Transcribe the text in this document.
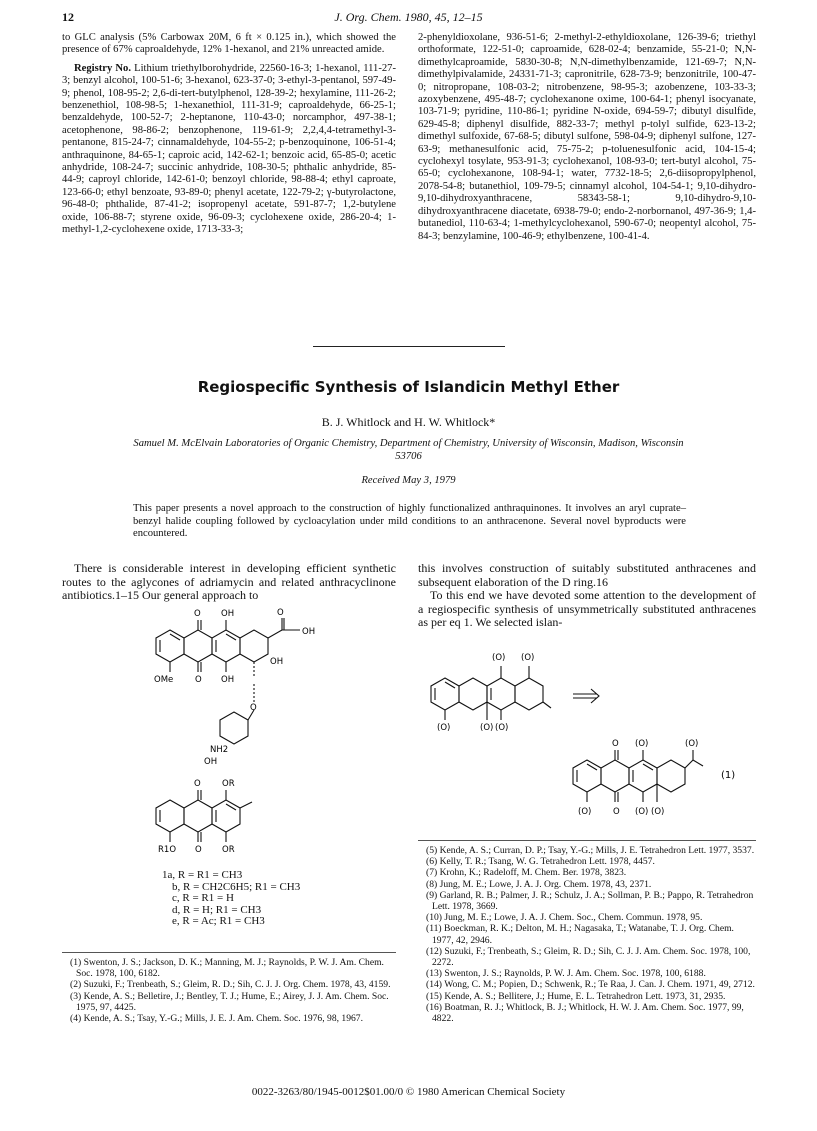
J. Org. Chem. 1980, 45, 12–15
12

to GLC analysis (5% Carbowax 20M, 6 ft × 0.125 in.), which showed the presence of 67% caproaldehyde, 12% 1-hexanol, and 21% unreacted amide.

Registry No. Lithium triethylborohydride, 22560-16-3; 1-hexanol, 111-27-3; benzyl alcohol, 100-51-6; 3-hexanol, 623-37-0; 3-ethyl-3-pentanol, 597-49-9; phenol, 108-95-2; 2,6-di-tert-butylphenol, 128-39-2; hexylamine, 111-26-2; benzenethiol, 108-98-5; 1-hexanethiol, 111-31-9; caproaldehyde, 66-25-1; benzaldehyde, 100-52-7; 2-heptanone, 110-43-0; norcamphor, 497-38-1; acetophenone, 98-86-2; benzophenone, 119-61-9; 2,2,4,4-tetramethyl-3-pentanone, 815-24-7; cinnamaldehyde, 104-55-2; p-benzoquinone, 106-51-4; anthraquinone, 84-65-1; caproic acid, 142-62-1; benzoic acid, 65-85-0; acetic anhydride, 108-24-7; succinic anhydride, 108-30-5; phthalic anhydride, 85-44-9; caproyl chloride, 142-61-0; benzoyl chloride, 98-88-4; ethyl caproate, 123-66-0; ethyl benzoate, 93-89-0; phenyl acetate, 122-79-2; γ-butyrolactone, 96-48-0; phthalide, 87-41-2; isopropenyl acetate, 591-87-7; 1,2-butylene oxide, 106-88-7; styrene oxide, 96-09-3; cyclohexene oxide, 286-20-4; 1-methyl-1,2-cyclohexene oxide, 1713-33-3;

2-phenyldioxolane, 936-51-6; 2-methyl-2-ethyldioxolane, 126-39-6; triethyl orthoformate, 122-51-0; caproamide, 628-02-4; benzamide, 55-21-0; N,N-dimethylcaproamide, 5830-30-8; N,N-dimethylbenzamide, 121-69-7; N,N-dimethylpivalamide, 24331-71-3; capronitrile, 628-73-9; benzonitrile, 100-47-0; nitropropane, 108-03-2; nitrobenzene, 98-95-3; azobenzene, 103-33-3; azoxybenzene, 495-48-7; cyclohexanone oxime, 100-64-1; phenyl isocyanate, 103-71-9; pyridine, 110-86-1; pyridine N-oxide, 694-59-7; dibutyl disulfide, 629-45-8; diphenyl disulfide, 882-33-7; methyl p-tolyl sulfide, 623-13-2; dimethyl sulfoxide, 67-68-5; dibutyl sulfone, 598-04-9; diphenyl sulfone, 127-63-9; methanesulfonic acid, 75-75-2; p-toluenesulfonic acid, 104-15-4; cyclohexyl tosylate, 953-91-3; cyclohexanol, 108-93-0; tert-butyl alcohol, 75-65-0; cyclohexanone, 108-94-1; water, 7732-18-5; 2,6-diisopropylphenol, 2078-54-8; butanethiol, 109-79-5; cinnamyl alcohol, 104-54-1; 9,10-dihydro-9,10-dihydroxyanthracene, 58343-58-1; 9,10-dihydro-9,10-dihydroxyanthracene diacetate, 6938-79-0; endo-2-norbornanol, 497-36-9; 1,4-butanediol, 110-63-4; 1-methylcyclohexanol, 590-67-0; neopentyl alcohol, 75-84-3; benzylamine, 100-46-9; ethylbenzene, 100-41-4.

Regiospecific Synthesis of Islandicin Methyl Ether
B. J. Whitlock and H. W. Whitlock*
Samuel M. McElvain Laboratories of Organic Chemistry, Department of Chemistry, University of Wisconsin, Madison, Wisconsin 53706
Received May 3, 1979
This paper presents a novel approach to the construction of highly functionalized anthraquinones. It involves an aryl cuprate–benzyl halide coupling followed by cycloacylation under mild conditions to an anthracenone. Several novel byproducts were encountered.

There is considerable interest in developing efficient synthetic routes to the aglycones of adriamycin and related anthracyclinone antibiotics.1–15 Our general approach to

this involves construction of suitably substituted anthracenes and subsequent elaboration of the D ring.16

To this end we have devoted some attention to the development of a regiospecific synthesis of unsymmetrically substituted anthracenes as per eq 1. We selected islan-

O OH	O
OH
OH
OMe	O OH
O
NH2
OH
O	OR
R1O O OR
1a, R = R1 = CH3
b, R = CH2C6H5; R1 = CH3
c, R = R1 = H
d, R = H; R1 = CH3
e, R = Ac; R1 = CH3
(O) (O)
(O)	(O) (O)
O (O)	(O)
(O)	O (O) (O)
(1)

(1) Swenton, J. S.; Jackson, D. K.; Manning, M. J.; Raynolds, P. W. J. Am. Chem. Soc. 1978, 100, 6182.

(2) Suzuki, F.; Trenbeath, S.; Gleim, R. D.; Sih, C. J. J. Org. Chem. 1978, 43, 4159.

(3) Kende, A. S.; Belletire, J.; Bentley, T. J.; Hume, E.; Airey, J. J. Am. Chem. Soc. 1975, 97, 4425.

(4) Kende, A. S.; Tsay, Y.-G.; Mills, J. E. J. Am. Chem. Soc. 1976, 98, 1967.

(5) Kende, A. S.; Curran, D. P.; Tsay, Y.-G.; Mills, J. E. Tetrahedron Lett. 1977, 3537.

(6) Kelly, T. R.; Tsang, W. G. Tetrahedron Lett. 1978, 4457.

(7) Krohn, K.; Radeloff, M. Chem. Ber. 1978, 3823.

(8) Jung, M. E.; Lowe, J. A. J. Org. Chem. 1978, 43, 2371.

(9) Garland, R. B.; Palmer, J. R.; Schulz, J. A.; Sollman, P. B.; Pappo, R. Tetrahedron Lett. 1978, 3669.

(10) Jung, M. E.; Lowe, J. A. J. Chem. Soc., Chem. Commun. 1978, 95.

(11) Boeckman, R. K.; Delton, M. H.; Nagasaka, T.; Watanabe, T. J. Org. Chem. 1977, 42, 2946.

(12) Suzuki, F.; Trenbeath, S.; Gleim, R. D.; Sih, C. J. J. Am. Chem. Soc. 1978, 100, 2272.

(13) Swenton, J. S.; Raynolds, P. W. J. Am. Chem. Soc. 1978, 100, 6188.

(14) Wong, C. M.; Popien, D.; Schwenk, R.; Te Raa, J. Can. J. Chem. 1971, 49, 2712.

(15) Kende, A. S.; Bellitere, J.; Hume, E. L. Tetrahedron Lett. 1973, 31, 2935.

(16) Boatman, R. J.; Whitlock, B. J.; Whitlock, H. W. J. Am. Chem. Soc. 1977, 99, 4822.

0022-3263/80/1945-0012$01.00/0 © 1980 American Chemical Society
